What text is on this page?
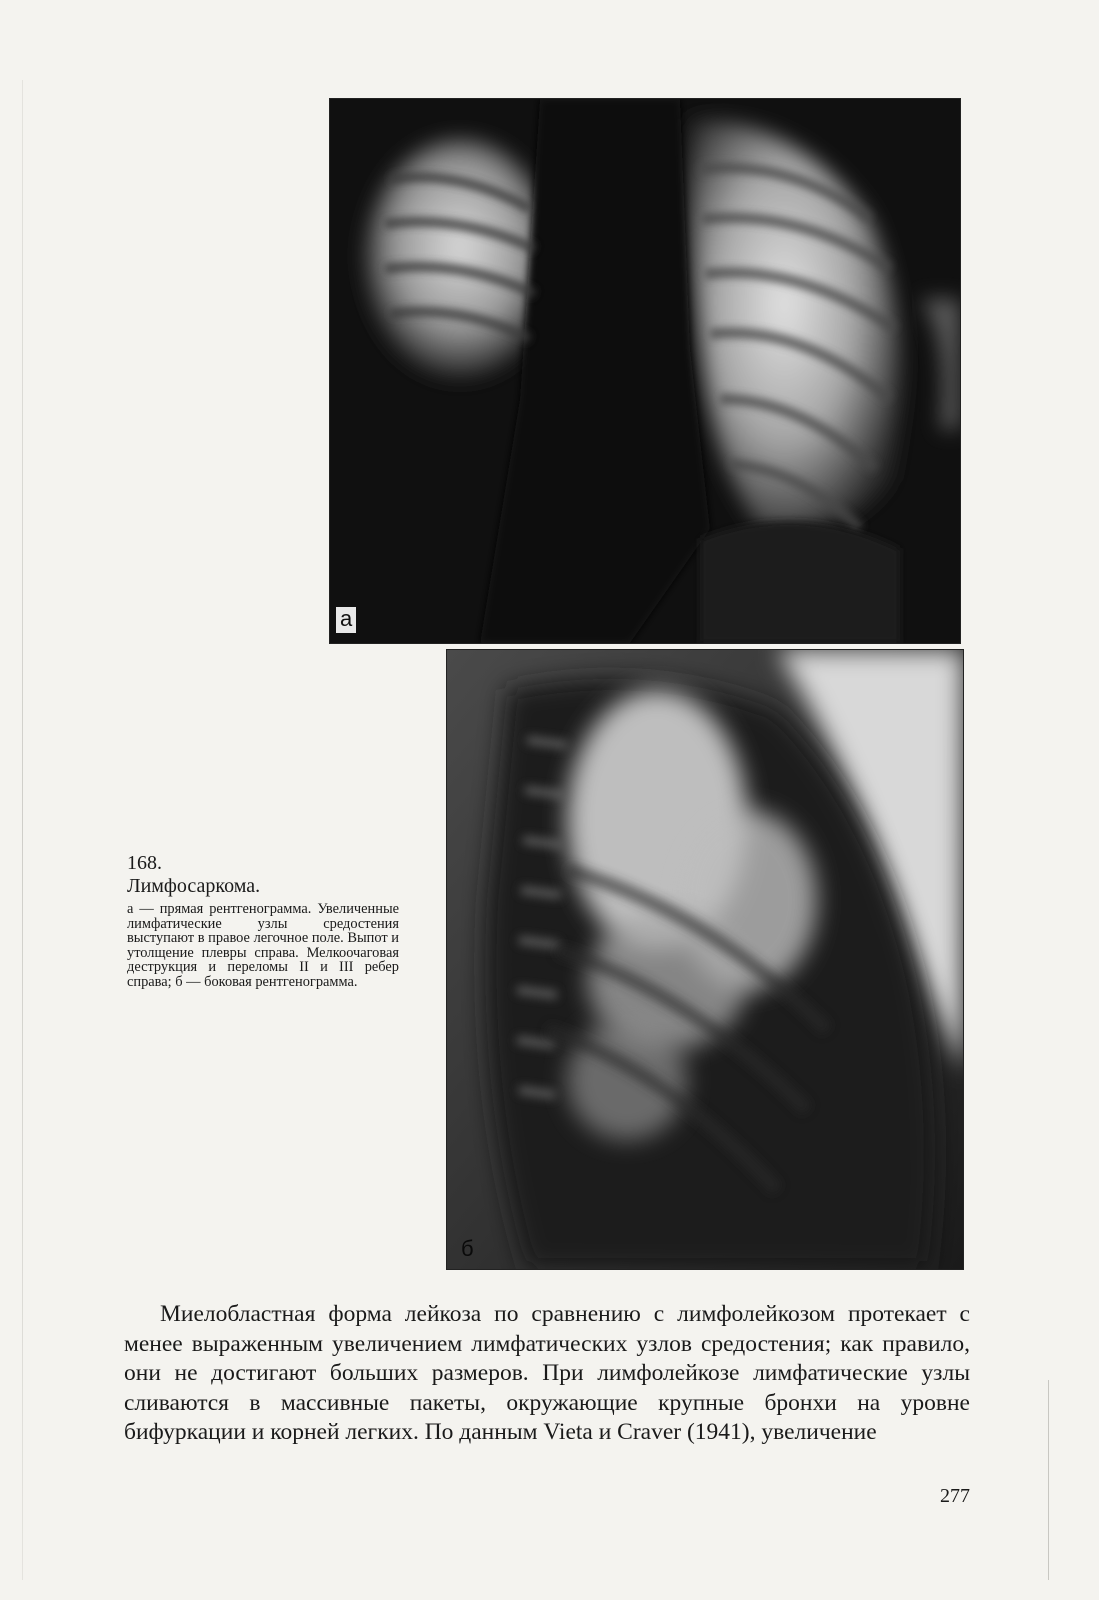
а
б
168.
Лимфосаркома.
а — прямая рентгенограмма. Увеличенные лимфатические узлы средостения выступают в правое легочное поле. Выпот и утолщение плевры справа. Мелкоочаговая деструкция и переломы II и III ребер справа; б — боковая рентгенограмма.

Миелобластная форма лейкоза по сравнению с лимфолейкозом протекает с менее выраженным увеличением лимфатических узлов средостения; как правило, они не достигают больших размеров. При лимфолейкозе лимфатические узлы сливаются в массивные пакеты, окружающие крупные бронхи на уровне бифуркации и корней легких. По данным Vieta и Craver (1941), увеличение

277
